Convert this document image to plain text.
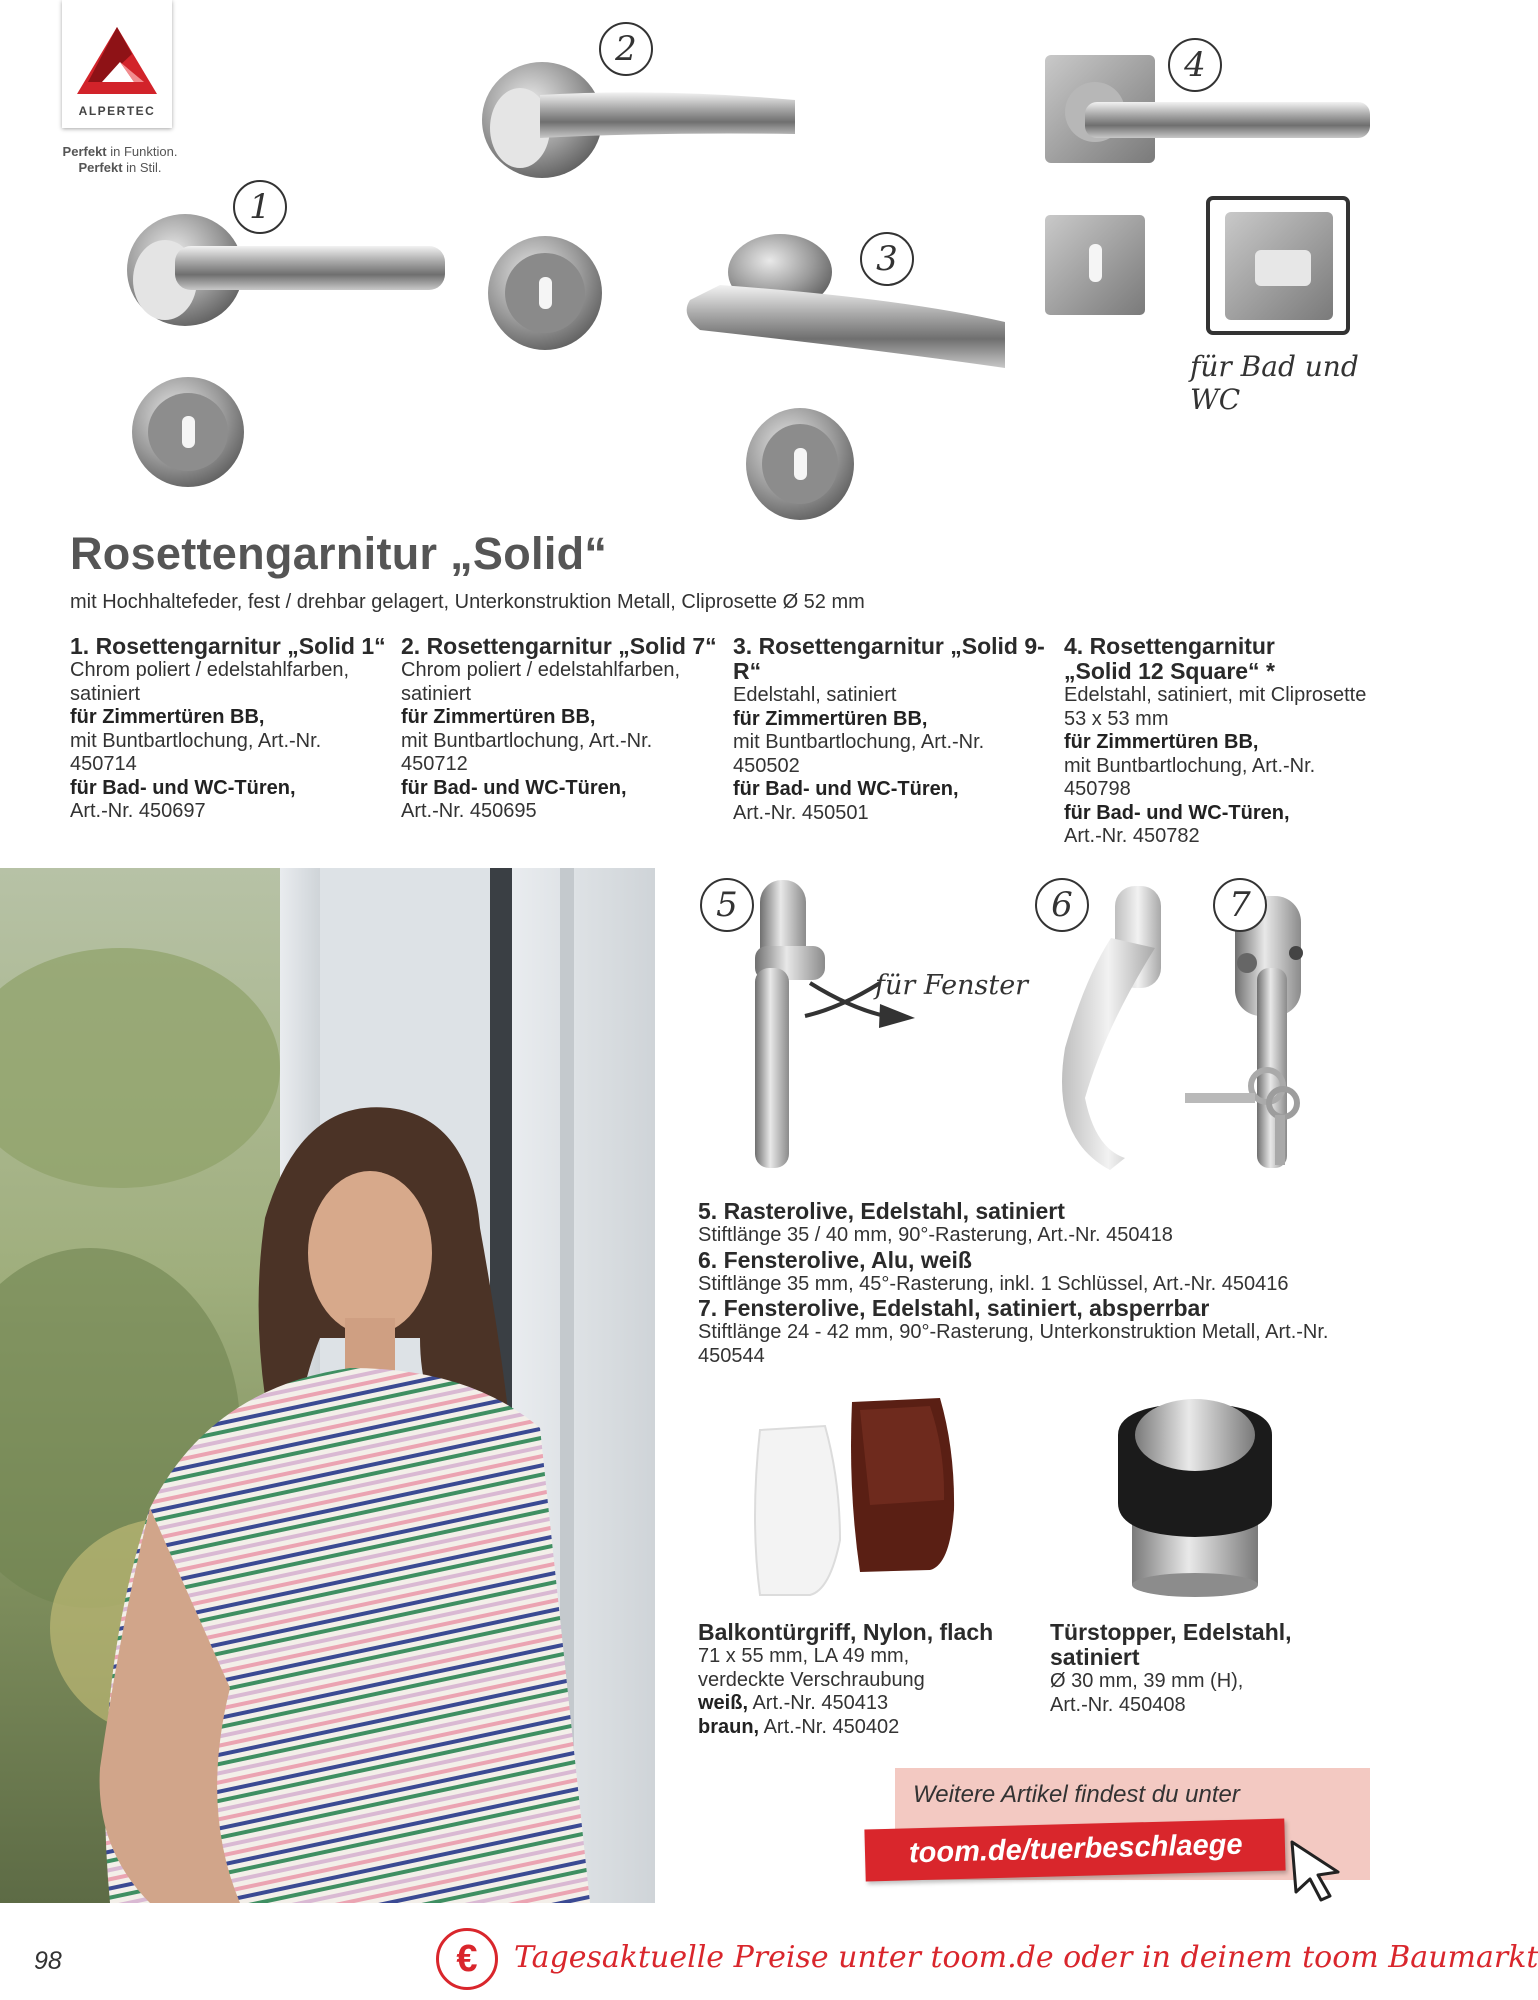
ALPERTEC
Perfekt in Funktion.
Perfekt in Stil.
1
2
3
4
für Bad und WC
Rosettengarnitur „Solid“
mit Hochhaltefeder, fest / drehbar gelagert, Unterkonstruktion Metall, Cliprosette Ø 52 mm

1. Rosettengarnitur „Solid 1“

Chrom poliert / edelstahlfarben,

satiniert

für Zimmertüren BB,

mit Buntbartlochung, Art.-Nr. 450714

für Bad- und WC-Türen,

Art.-Nr. 450697

2. Rosettengarnitur „Solid 7“

Chrom poliert / edelstahlfarben,

satiniert

für Zimmertüren BB,

mit Buntbartlochung, Art.-Nr. 450712

für Bad- und WC-Türen,

Art.-Nr. 450695

3. Rosettengarnitur „Solid 9-R“

Edelstahl, satiniert

für Zimmertüren BB,

mit Buntbartlochung, Art.-Nr. 450502

für Bad- und WC-Türen,

Art.-Nr. 450501

4. Rosettengarnitur

„Solid 12 Square“ *

Edelstahl, satiniert, mit Cliprosette

53 x 53 mm

für Zimmertüren BB,

mit Buntbartlochung, Art.-Nr. 450798

für Bad- und WC-Türen,

Art.-Nr. 450782

5	6	7
für Fenster

5. Rasterolive, Edelstahl, satiniert

Stiftlänge 35 / 40 mm, 90°-Rasterung, Art.-Nr. 450418

6. Fensterolive, Alu, weiß

Stiftlänge 35 mm, 45°-Rasterung, inkl. 1 Schlüssel, Art.-Nr. 450416

7. Fensterolive, Edelstahl, satiniert, absperrbar

Stiftlänge 24 - 42 mm, 90°-Rasterung, Unterkonstruktion Metall, Art.-Nr. 450544

Balkontürgriff, Nylon, flach

71 x 55 mm, LA 49 mm,

verdeckte Verschraubung

weiß, Art.-Nr. 450413

braun, Art.-Nr. 450402

Türstopper, Edelstahl, satiniert

Ø 30 mm, 39 mm (H),

Art.-Nr. 450408

Weitere Artikel findest du unter
toom.de/tuerbeschlaege
98	€ Tagesaktuelle Preise unter toom.de oder in deinem toom Baumarkt
